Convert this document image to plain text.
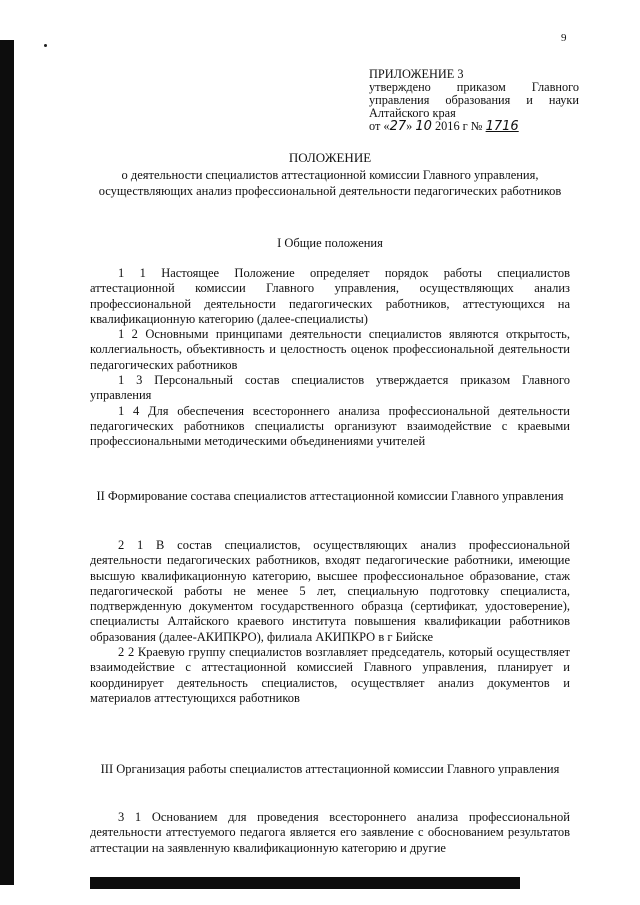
9
ПРИЛОЖЕНИЕ 3
утверждено приказом Главного
управления образования и науки
Алтайского края
от «27» 10 2016 г № 1716
ПОЛОЖЕНИЕ
о деятельности специалистов аттестационной комиссии Главного управления, осуществляющих анализ профессиональной деятельности педагогических работников
I Общие положения

1 1 Настоящее Положение определяет порядок работы специалистов аттестационной комиссии Главного управления, осуществляющих анализ профессиональной деятельности педагогических работников, аттестующихся на квалификационную категорию (далее-специалисты)

1 2 Основными принципами деятельности специалистов являются открытость, коллегиальность, объективность и целостность оценок профессиональной деятельности педагогических работников

1 3 Персональный состав специалистов утверждается приказом Главного управления

1 4 Для обеспечения всестороннего анализа профессиональной деятельности педагогических работников специалисты организуют взаимодействие с краевыми профессиональными методическими объединениями учителей

II Формирование состава специалистов аттестационной комиссии Главного управления

2 1 В состав специалистов, осуществляющих анализ профессиональной деятельности педагогических работников, входят педагогические работники, имеющие высшую квалификационную категорию, высшее профессиональное образование, стаж педагогической работы не менее 5 лет, специальную подготовку специалиста, подтвержденную документом государственного образца (сертификат, удостоверение), специалисты Алтайского краевого института повышения квалификации работников образования (далее-АКИПКРО), филиала АКИПКРО в г Бийске

2 2 Краевую группу специалистов возглавляет председатель, который осуществляет взаимодействие с аттестационной комиссией Главного управления, планирует и координирует деятельность специалистов, осуществляет анализ документов и материалов аттестующихся работников

III Организация работы специалистов аттестационной комиссии Главного управления

3 1 Основанием для проведения всестороннего анализа профессиональной деятельности аттестуемого педагога является его заявление с обоснованием результатов аттестации на заявленную квалификационную категорию и другие
